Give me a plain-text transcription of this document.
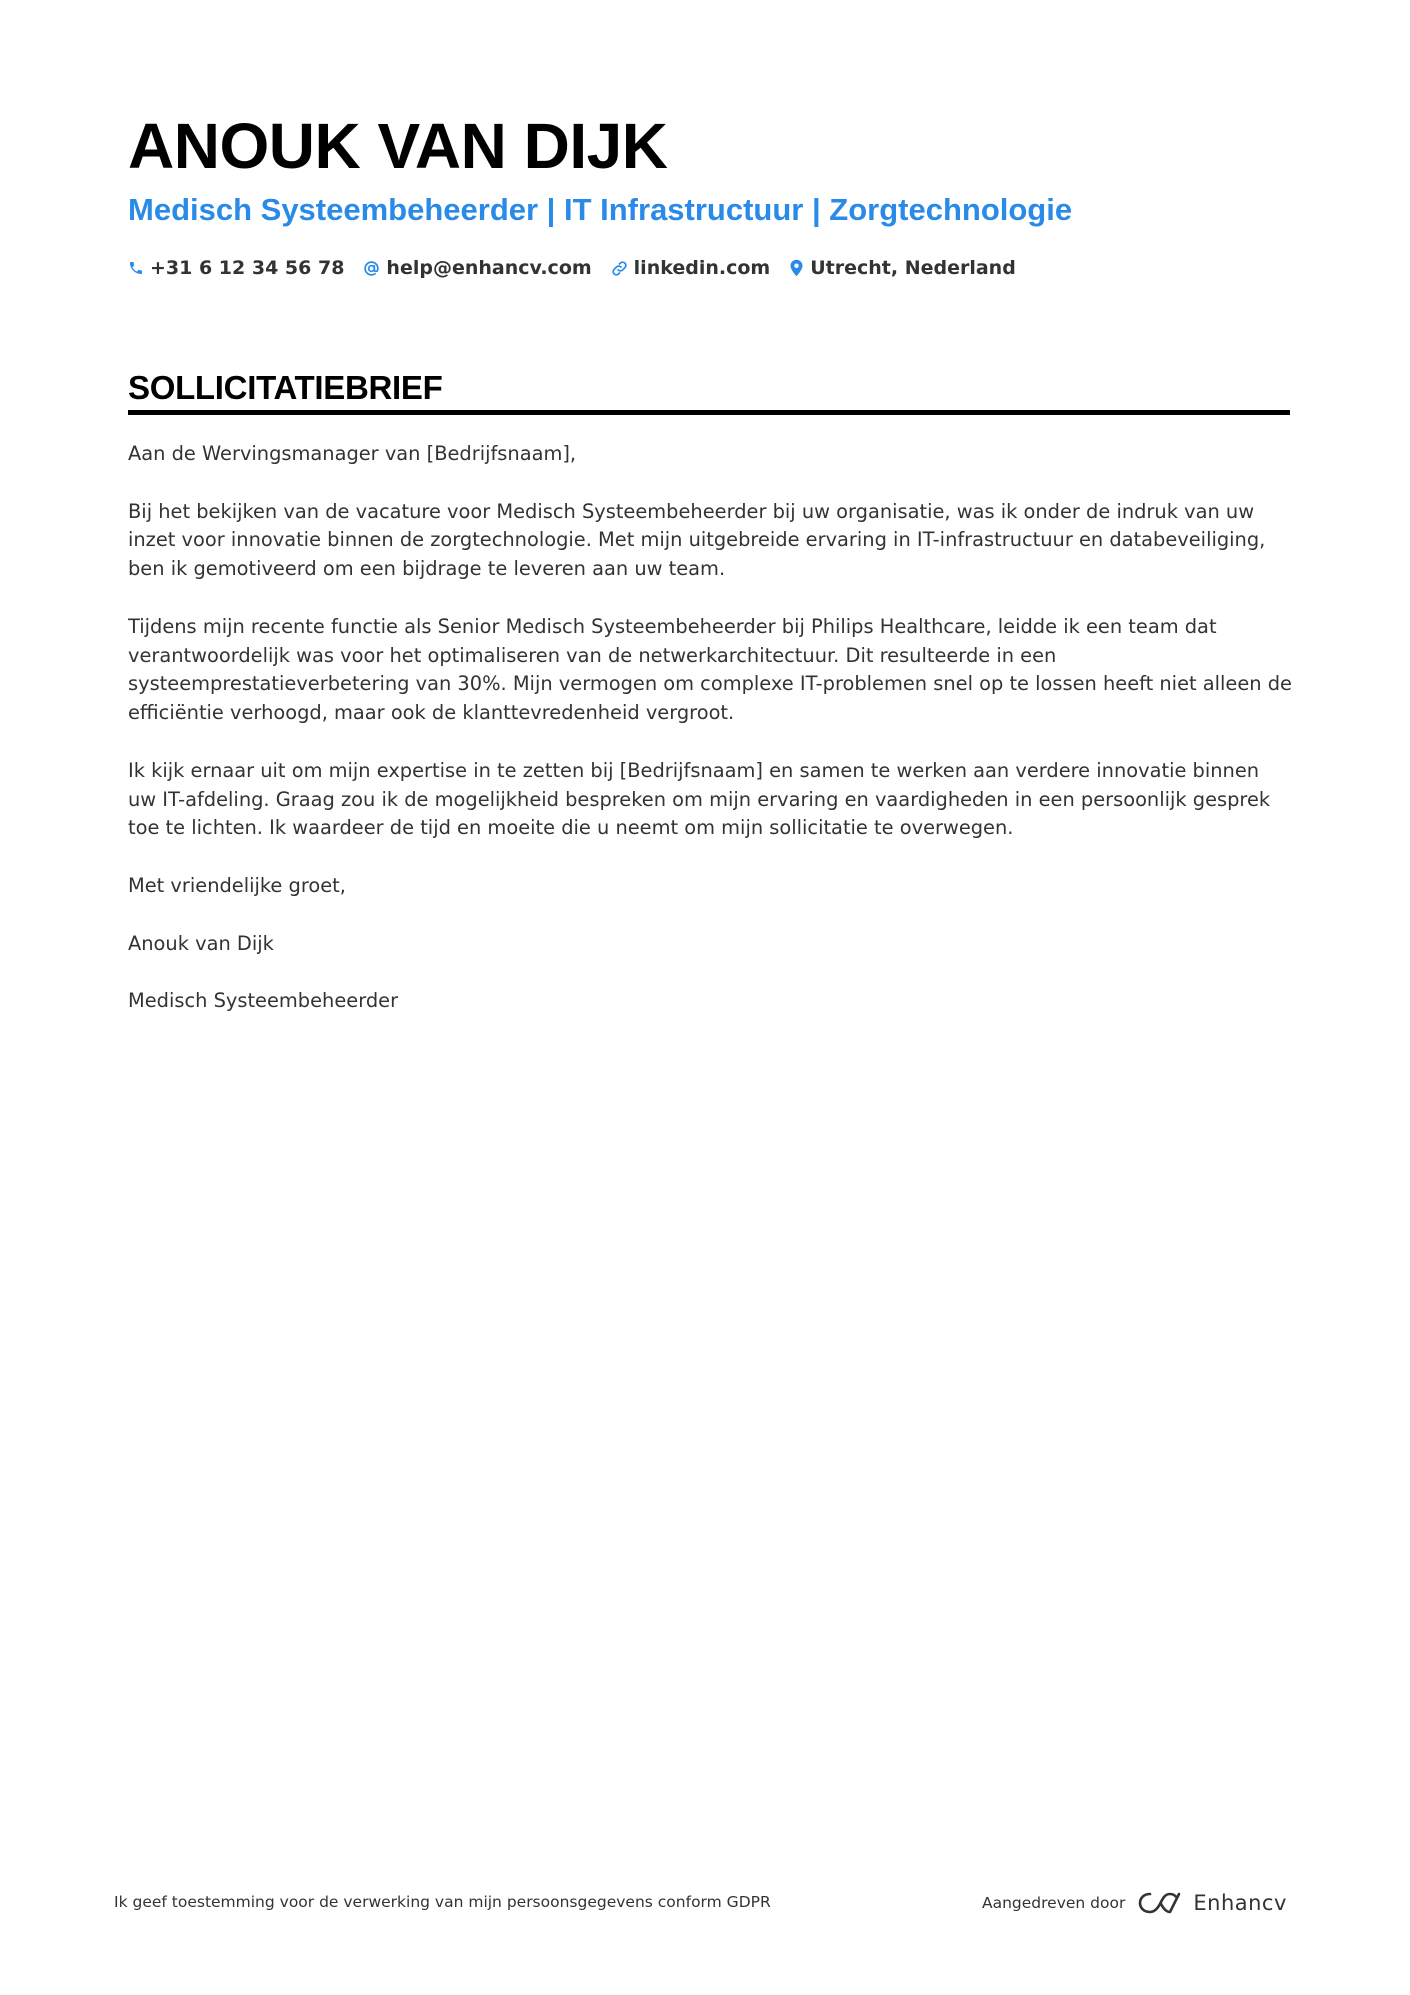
ANOUK VAN DIJK
Medisch Systeembeheerder | IT Infrastructuur | Zorgtechnologie
+31 6 12 34 56 78 help@enhancv.com linkedin.com Utrecht, Nederland
SOLLICITATIEBRIEF

Aan de Wervingsmanager van [Bedrijfsnaam],

Bij het bekijken van de vacature voor Medisch Systeembeheerder bij uw organisatie, was ik onder de indruk van uw inzet voor innovatie binnen de zorgtechnologie. Met mijn uitgebreide ervaring in IT-infrastructuur en databeveiliging, ben ik gemotiveerd om een bijdrage te leveren aan uw team.

Tijdens mijn recente functie als Senior Medisch Systeembeheerder bij Philips Healthcare, leidde ik een team dat verantwoordelijk was voor het optimaliseren van de netwerkarchitectuur. Dit resulteerde in een systeemprestatieverbetering van 30%. Mijn vermogen om complexe IT-problemen snel op te lossen heeft niet alleen de efficiëntie verhoogd, maar ook de klanttevredenheid vergroot.

Ik kijk ernaar uit om mijn expertise in te zetten bij [Bedrijfsnaam] en samen te werken aan verdere innovatie binnen uw IT-afdeling. Graag zou ik de mogelijkheid bespreken om mijn ervaring en vaardigheden in een persoonlijk gesprek toe te lichten. Ik waardeer de tijd en moeite die u neemt om mijn sollicitatie te overwegen.

Met vriendelijke groet,

Anouk van Dijk

Medisch Systeembeheerder

Ik geef toestemming voor de verwerking van mijn persoonsgegevens conform GDPR	Aangedreven door	Enhancv
